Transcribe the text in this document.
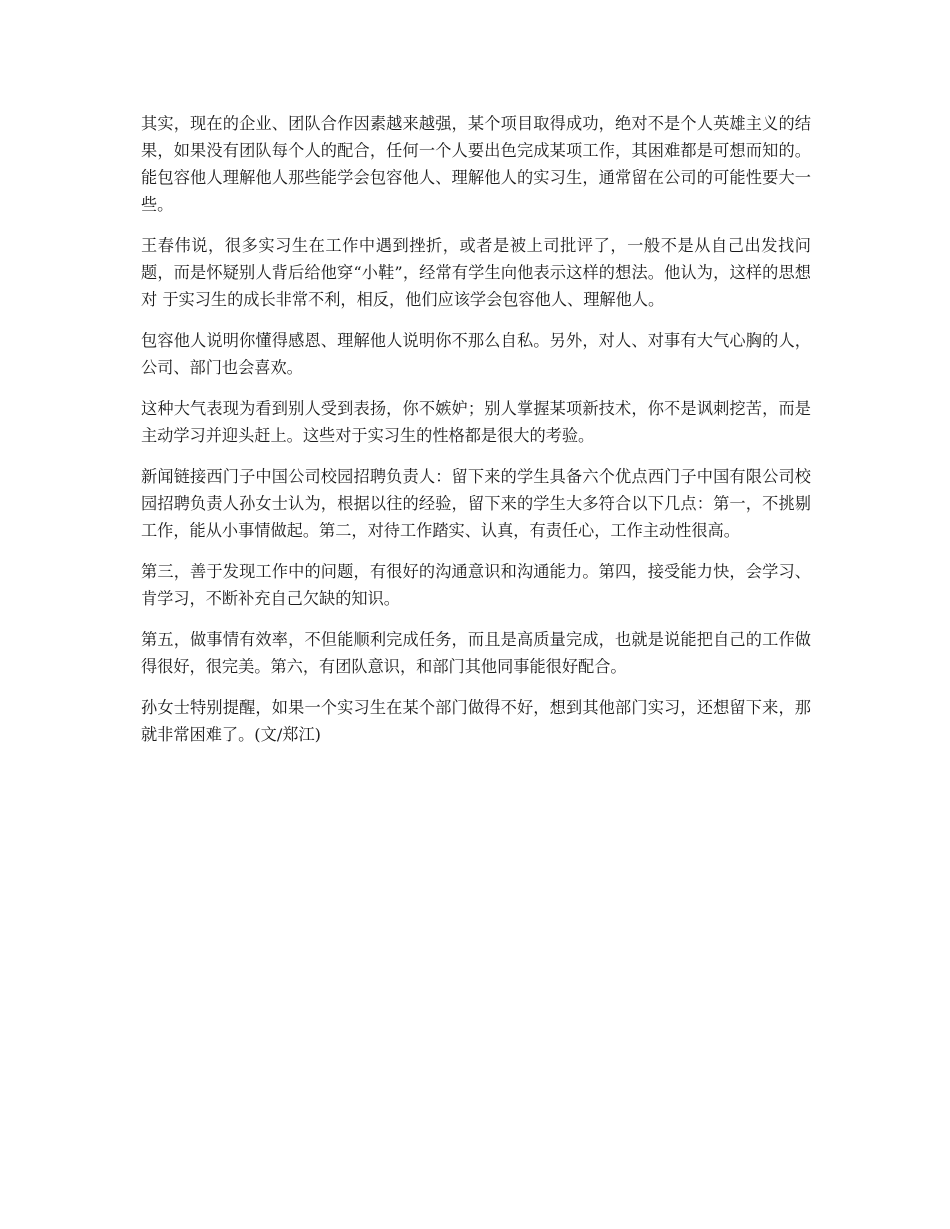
其实，现在的企业、团队合作因素越来越强，某个项目取得成功，绝对不是个人英雄主义的结果，如果没有团队每个人的配合，任何一个人要出色完成某项工作，其困难都是可想而知的。 能包容他人理解他人那些能学会包容他人、理解他人的实习生，通常留在公司的可能性要大一些。

王春伟说，很多实习生在工作中遇到挫折，或者是被上司批评了，一般不是从自己出发找问题，而是怀疑别人背后给他穿“小鞋”，经常有学生向他表示这样的想法。他认为，这样的思想对 于实习生的成长非常不利，相反，他们应该学会包容他人、理解他人。

包容他人说明你懂得感恩、理解他人说明你不那么自私。另外，对人、对事有大气心胸的人，公司、部门也会喜欢。

这种大气表现为看到别人受到表扬，你不嫉妒；别人掌握某项新技术，你不是讽刺挖苦，而是主动学习并迎头赶上。这些对于实习生的性格都是很大的考验。

新闻链接西门子中国公司校园招聘负责人：留下来的学生具备六个优点西门子中国有限公司校园招聘负责人孙女士认为，根据以往的经验，留下来的学生大多符合以下几点：第一，不挑剔工作，能从小事情做起。第二，对待工作踏实、认真，有责任心，工作主动性很高。

第三，善于发现工作中的问题，有很好的沟通意识和沟通能力。第四，接受能力快，会学习、肯学习，不断补充自己欠缺的知识。

第五，做事情有效率，不但能顺利完成任务，而且是高质量完成，也就是说能把自己的工作做得很好，很完美。第六，有团队意识，和部门其他同事能很好配合。

孙女士特别提醒，如果一个实习生在某个部门做得不好，想到其他部门实习，还想留下来，那就非常困难了。(文/郑江)
